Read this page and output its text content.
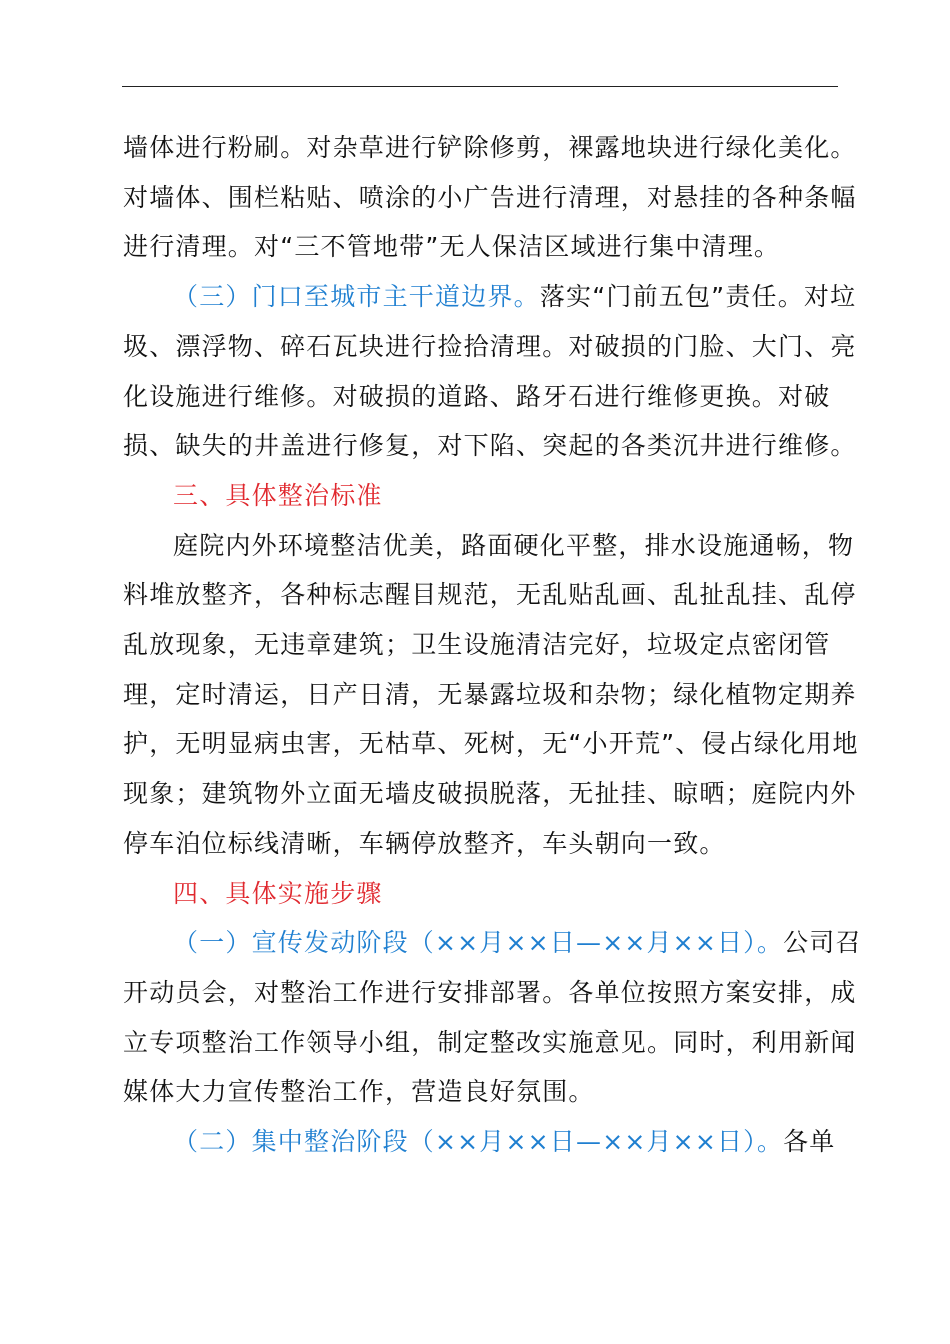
墙体进行粉刷。对杂草进行铲除修剪，裸露地块进行绿化美化。对墙体、围栏粘贴、喷涂的小广告进行清理，对悬挂的各种条幅进行清理。对“三不管地带”无人保洁区域进行集中清理。

（三）门口至城市主干道边界。落实“门前五包”责任。对垃圾、漂浮物、碎石瓦块进行捡拾清理。对破损的门脸、大门、亮化设施进行维修。对破损的道路、路牙石进行维修更换。对破损、缺失的井盖进行修复，对下陷、突起的各类沉井进行维修。

三、具体整治标准

庭院内外环境整洁优美，路面硬化平整，排水设施通畅，物料堆放整齐，各种标志醒目规范，无乱贴乱画、乱扯乱挂、乱停乱放现象，无违章建筑；卫生设施清洁完好，垃圾定点密闭管理，定时清运，日产日清，无暴露垃圾和杂物；绿化植物定期养护，无明显病虫害，无枯草、死树，无“小开荒”、侵占绿化用地现象；建筑物外立面无墙皮破损脱落，无扯挂、晾晒；庭院内外停车泊位标线清晰，车辆停放整齐，车头朝向一致。

四、具体实施步骤

（一）宣传发动阶段（××月××日—××月××日）。公司召开动员会，对整治工作进行安排部署。各单位按照方案安排，成立专项整治工作领导小组，制定整改实施意见。同时，利用新闻媒体大力宣传整治工作，营造良好氛围。

（二）集中整治阶段（××月××日—××月××日）。各单
